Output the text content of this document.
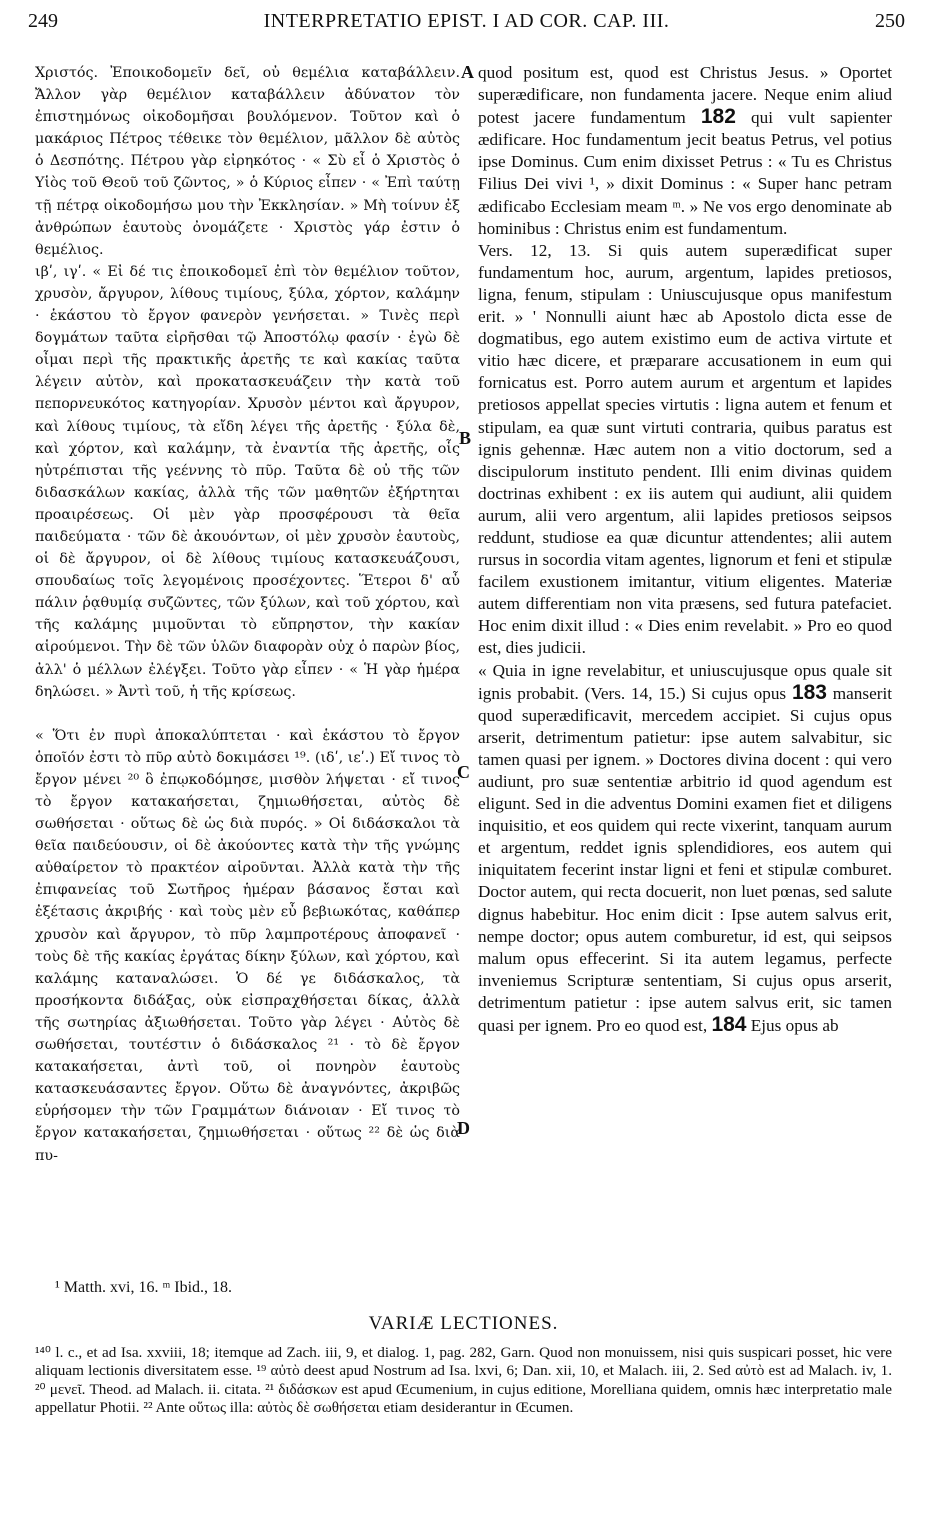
249	INTERPRETATIO EPIST. I AD COR. CAP. III.	250

Χριστός. Ἐποικοδομεῖν δεῖ, οὐ θεμέλια καταβάλλειν. Ἄλλον γὰρ θεμέλιον καταβάλλειν ἀδύνατον τὸν ἐπιστημόνως οἰκοδομῆσαι βουλόμενον. Τοῦτον καὶ ὁ μακάριος Πέτρος τέθεικε τὸν θεμέλιον, μᾶλλον δὲ αὐτὸς ὁ Δεσπότης. Πέτρου γὰρ εἰρηκότος · « Σὺ εἶ ὁ Χριστὸς ὁ Υἱὸς τοῦ Θεοῦ τοῦ ζῶντος, » ὁ Κύριος εἶπεν · « Ἐπὶ ταύτῃ τῇ πέτρᾳ οἰκοδομήσω μου τὴν Ἐκκλησίαν. » Μὴ τοίνυν ἐξ ἀνθρώπων ἑαυτοὺς ὀνομάζετε · Χριστὸς γάρ ἐστιν ὁ θεμέλιος.

ιβʹ, ιγʹ. « Εἰ δέ τις ἐποικοδομεῖ ἐπὶ τὸν θεμέλιον τοῦτον, χρυσὸν, ἄργυρον, λίθους τιμίους, ξύλα, χόρτον, καλάμην · ἑκάστου τὸ ἔργον φανερὸν γενήσεται. » Τινὲς περὶ δογμάτων ταῦτα εἰρῆσθαι τῷ Ἀποστόλῳ φασίν · ἐγὼ δὲ οἶμαι περὶ τῆς πρακτικῆς ἀρετῆς τε καὶ κακίας ταῦτα λέγειν αὐτὸν, καὶ προκατασκευάζειν τὴν κατὰ τοῦ πεπορνευκότος κατηγορίαν. Χρυσὸν μέντοι καὶ ἄργυρον, καὶ λίθους τιμίους, τὰ εἴδη λέγει τῆς ἀρετῆς · ξύλα δὲ, καὶ χόρτον, καὶ καλάμην, τὰ ἐναντία τῆς ἀρετῆς, οἷς ηὐτρέπισται τῆς γεέννης τὸ πῦρ. Ταῦτα δὲ οὐ τῆς τῶν διδασκάλων κακίας, ἀλλὰ τῆς τῶν μαθητῶν ἐξήρτηται προαιρέσεως. Οἱ μὲν γὰρ προσφέρουσι τὰ θεῖα παιδεύματα · τῶν δὲ ἀκουόντων, οἱ μὲν χρυσὸν ἑαυτοὺς, οἱ δὲ ἄργυρον, οἱ δὲ λίθους τιμίους κατασκευάζουσι, σπουδαίως τοῖς λεγομένοις προσέχοντες. Ἕτεροι δ' αὖ πάλιν ῥᾳθυμίᾳ συζῶντες, τῶν ξύλων, καὶ τοῦ χόρτου, καὶ τῆς καλάμης μιμοῦνται τὸ εὔπρηστον, τὴν κακίαν αἱρούμενοι. Τὴν δὲ τῶν ὑλῶν διαφορὰν οὐχ ὁ παρὼν βίος, ἀλλ' ὁ μέλλων ἐλέγξει. Τοῦτο γὰρ εἶπεν · « Ἡ γὰρ ἡμέρα δηλώσει. » Ἀντὶ τοῦ, ἡ τῆς κρίσεως.

« Ὅτι ἐν πυρὶ ἀποκαλύπτεται · καὶ ἑκάστου τὸ ἔργον ὁποῖόν ἐστι τὸ πῦρ αὐτὸ δοκιμάσει ¹⁹. (ιδʹ, ιεʹ.) Εἴ τινος τὸ ἔργον μένει ²⁰ ὃ ἐπῳκοδόμησε, μισθὸν λήψεται · εἴ τινος τὸ ἔργον κατακαήσεται, ζημιωθήσεται, αὐτὸς δὲ σωθήσεται · οὕτως δὲ ὡς διὰ πυρός. » Οἱ διδάσκαλοι τὰ θεῖα παιδεύουσιν, οἱ δὲ ἀκούοντες κατὰ τὴν τῆς γνώμης αὐθαίρετον τὸ πρακτέον αἱροῦνται. Ἀλλὰ κατὰ τὴν τῆς ἐπιφανείας τοῦ Σωτῆρος ἡμέραν βάσανος ἔσται καὶ ἐξέτασις ἀκριβής · καὶ τοὺς μὲν εὖ βεβιωκότας, καθάπερ χρυσὸν καὶ ἄργυρον, τὸ πῦρ λαμπροτέρους ἀποφανεῖ · τοὺς δὲ τῆς κακίας ἐργάτας δίκην ξύλων, καὶ χόρτου, καὶ καλάμης καταναλώσει. Ὁ δέ γε διδάσκαλος, τὰ προσήκοντα διδάξας, οὐκ εἰσπραχθήσεται δίκας, ἀλλὰ τῆς σωτηρίας ἀξιωθήσεται. Τοῦτο γὰρ λέγει · Αὐτὸς δὲ σωθήσεται, τουτέστιν ὁ διδάσκαλος ²¹ · τὸ δὲ ἔργον κατακαήσεται, ἀντὶ τοῦ, οἱ πονηρὸν ἑαυτοὺς κατασκευάσαντες ἔργον. Οὕτω δὲ ἀναγνόντες, ἀκριβῶς εὑρήσομεν τὴν τῶν Γραμμάτων διάνοιαν · Εἴ τινος τὸ ἔργον κατακαήσεται, ζημιωθήσεται · οὕτως ²² δὲ ὡς διὰ πυ-

A
B
C
D

quod positum est, quod est Christus Jesus. » Oportet superædificare, non fundamenta jacere. Neque enim aliud potest jacere fundamentum 182 qui vult sapienter ædificare. Hoc fundamentum jecit beatus Petrus, vel potius ipse Dominus. Cum enim dixisset Petrus : « Tu es Christus Filius Dei vivi ¹, » dixit Dominus : « Super hanc petram ædificabo Ecclesiam meam ᵐ. » Ne vos ergo denominate ab hominibus : Christus enim est fundamentum.

Vers. 12, 13. Si quis autem superædificat super fundamentum hoc, aurum, argentum, lapides pretiosos, ligna, fenum, stipulam : Uniuscujusque opus manifestum erit. » ' Nonnulli aiunt hæc ab Apostolo dicta esse de dogmatibus, ego autem existimo eum de activa virtute et vitio hæc dicere, et præparare accusationem in eum qui fornicatus est. Porro autem aurum et argentum et lapides pretiosos appellat species virtutis : ligna autem et fenum et stipulam, ea quæ sunt virtuti contraria, quibus paratus est ignis gehennæ. Hæc autem non a vitio doctorum, sed a discipulorum instituto pendent. Illi enim divinas quidem doctrinas exhibent : ex iis autem qui audiunt, alii quidem aurum, alii vero argentum, alii lapides pretiosos seipsos reddunt, studiose ea quæ dicuntur attendentes; alii autem rursus in socordia vitam agentes, lignorum et feni et stipulæ facilem exustionem imitantur, vitium eligentes. Materiæ autem differentiam non vita præsens, sed futura patefaciet. Hoc enim dixit illud : « Dies enim revelabit. » Pro eo quod est, dies judicii.

« Quia in igne revelabitur, et uniuscujusque opus quale sit ignis probabit. (Vers. 14, 15.) Si cujus opus 183 manserit quod superædificavit, mercedem accipiet. Si cujus opus arserit, detrimentum patietur: ipse autem salvabitur, sic tamen quasi per ignem. » Doctores divina docent : qui vero audiunt, pro suæ sententiæ arbitrio id quod agendum est eligunt. Sed in die adventus Domini examen fiet et diligens inquisitio, et eos quidem qui recte vixerint, tanquam aurum et argentum, reddet ignis splendidiores, eos autem qui iniquitatem fecerint instar ligni et feni et stipulæ comburet. Doctor autem, qui recta docuerit, non luet pœnas, sed salute dignus habebitur. Hoc enim dicit : Ipse autem salvus erit, nempe doctor; opus autem comburetur, id est, qui seipsos malum opus effecerint. Si ita autem legamus, perfecte inveniemus Scripturæ sententiam, Si cujus opus arserit, detrimentum patietur : ipse autem salvus erit, sic tamen quasi per ignem. Pro eo quod est, 184 Ejus opus ab

¹ Matth. xvi, 16. ᵐ Ibid., 18.
VARIÆ LECTIONES.

¹⁴⁰ l. c., et ad Isa. xxviii, 18; itemque ad Zach. iii, 9, et dialog. 1, pag. 282, Garn. Quod non monuissem, nisi quis suspicari posset, hic vere aliquam lectionis diversitatem esse. ¹⁹ αὐτὸ deest apud Nostrum ad Isa. lxvi, 6; Dan. xii, 10, et Malach. iii, 2. Sed αὐτὸ est ad Malach. iv, 1. ²⁰ μενεῖ. Theod. ad Malach. ii. citata. ²¹ διδάσκων est apud Œcumenium, in cujus editione, Morelliana quidem, omnis hæc interpretatio male appellatur Photii. ²² Ante οὕτως illa: αὐτὸς δὲ σωθήσεται etiam desiderantur in Œcumen.
